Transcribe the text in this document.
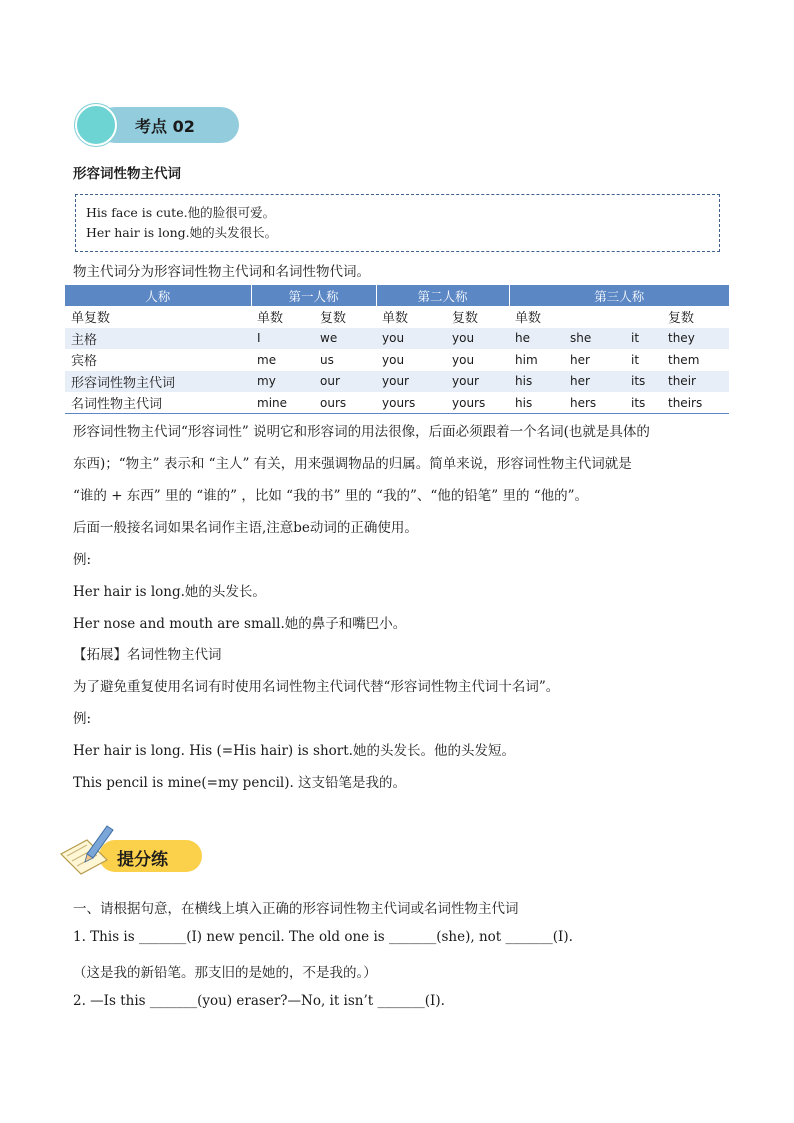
考点 02
形容词性物主代词
His face is cute.他的脸很可爱。
Her hair is long.她的头发很长。
物主代词分为形容词性物主代词和名词性物代词。
人称	第一人称		第二人称		第三人称			
单复数	单数	复数	单数	复数	单数			复数
主格	I	we	you	you	he	she	it	they
宾格	me	us	you	you	him	her	it	them
形容词性物主代词	my	our	your	your	his	her	its	their
名词性物主代词	mine	ours	yours	yours	his	hers	its	theirs
形容词性物主代词“形容词性” 说明它和形容词的用法很像，后面必须跟着一个名词(也就是具体的
东西)；“物主” 表示和 “主人” 有关，用来强调物品的归属。简单来说，形容词性物主代词就是
“谁的 + 东西” 里的 “谁的” ，比如 “我的书” 里的 “我的”、“他的铅笔” 里的 “他的”。
后面一般接名词如果名词作主语,注意be动词的正确使用。
例:
Her hair is long.她的头发长。
Her nose and mouth are small.她的鼻子和嘴巴小。
【拓展】名词性物主代词
为了避免重复使用名词有时使用名词性物主代词代替“形容词性物主代词十名词”。
例:
Her hair is long. His (=His hair) is short.她的头发长。他的头发短。
This pencil is mine(=my pencil). 这支铅笔是我的。
提分练
一、请根据句意，在横线上填入正确的形容词性物主代词或名词性物主代词
1. This is _______(I) new pencil. The old one is _______(she), not _______(I).
（这是我的新铅笔。那支旧的是她的，不是我的。）
2. —Is this _______(you) eraser?—No, it isn’t _______(I).
